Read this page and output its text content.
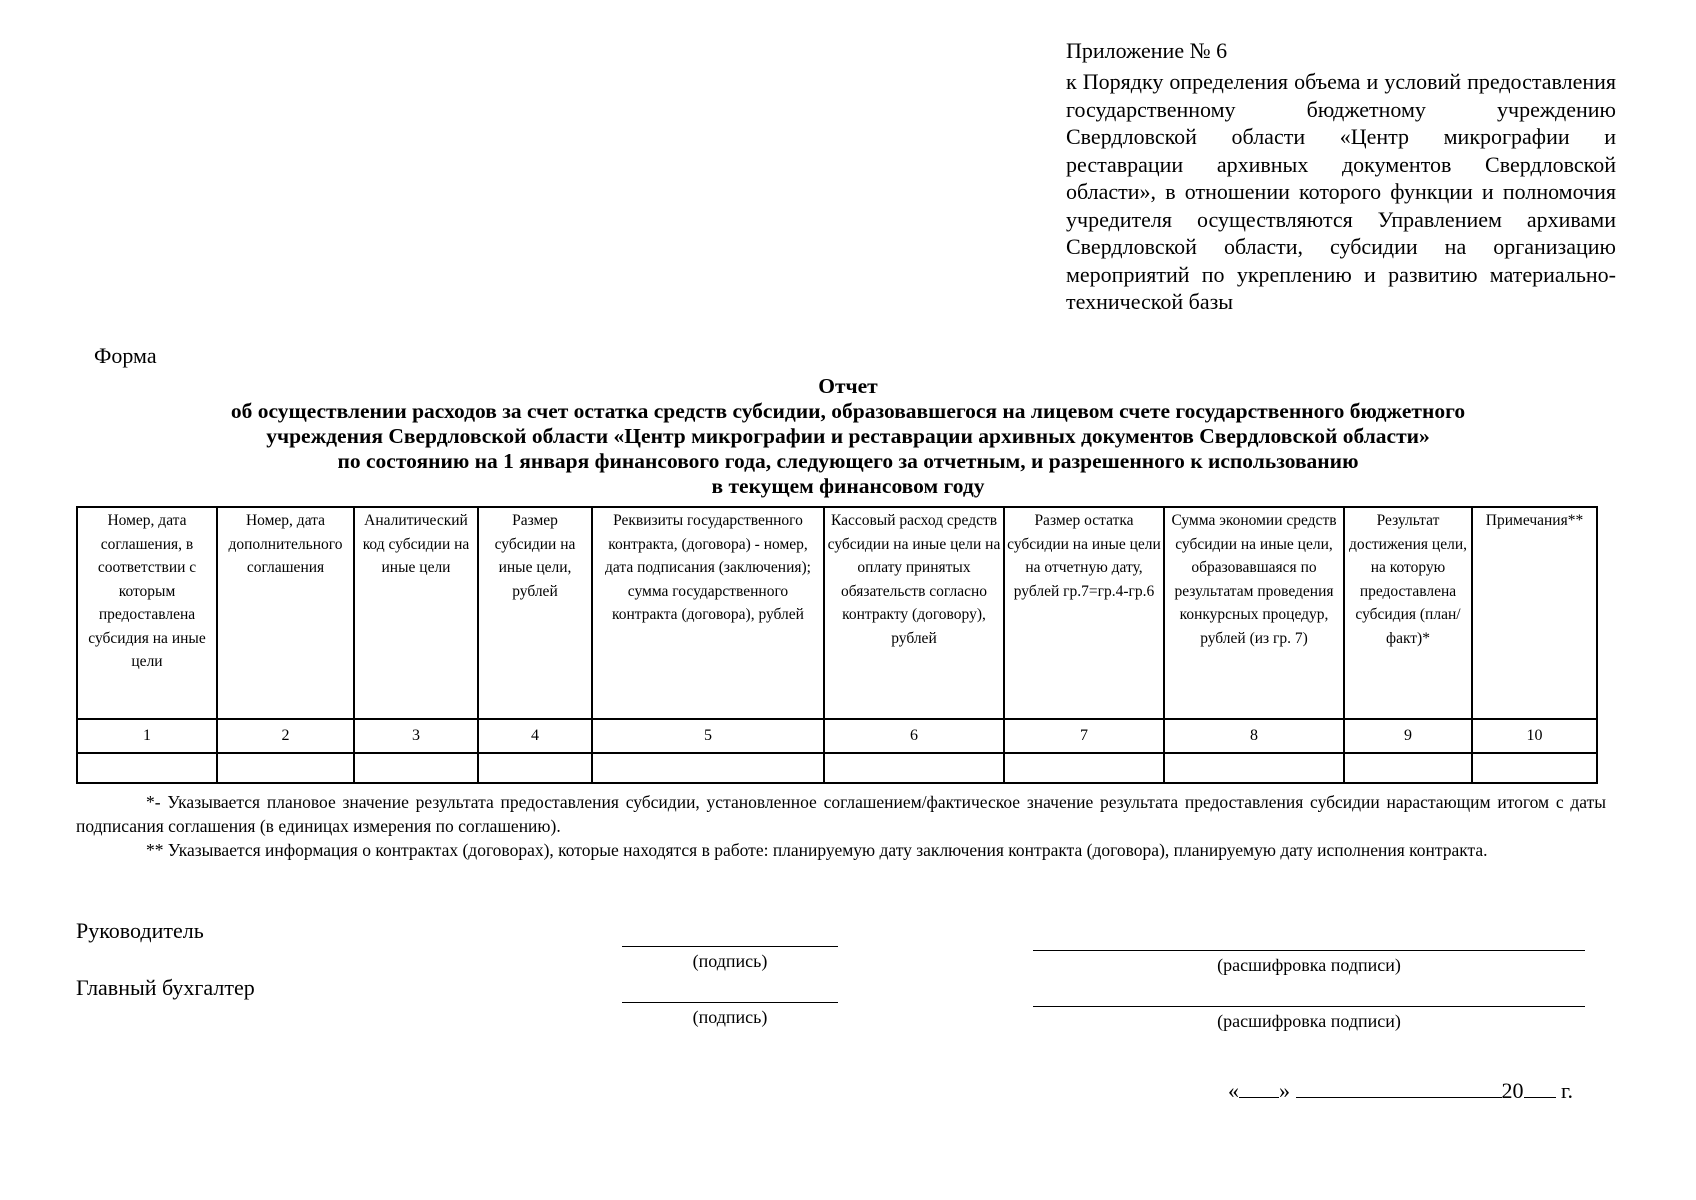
Приложение № 6
к Порядку определения объема и условий предоставления государственному бюджетному учреждению Свердловской области «Центр микрографии и реставрации архивных документов Свердловской области», в отношении которого функции и полномочия учредителя осуществляются Управлением архивами Свердловской области, субсидии на организацию мероприятий по укреплению и развитию материально-технической базы
Форма
Отчет
об осуществлении расходов за счет остатка средств субсидии, образовавшегося на лицевом счете государственного бюджетного
учреждения Свердловской области «Центр микрографии и реставрации архивных документов Свердловской области»
по состоянию на 1 января финансового года, следующего за отчетным, и разрешенного к использованию
в текущем финансовом году
Номер, дата соглашения, в соответствии с которым предоставлена субсидия на иные цели	Номер, дата дополнительного соглашения	Аналитический код субсидии на иные цели	Размер субсидии на иные цели, рублей	Реквизиты государственного контракта, (договора) - номер, дата подписания (заключения); сумма государственного контракта (договора), рублей	Кассовый расход средств субсидии на иные цели на оплату принятых обязательств согласно контракту (договору), рублей	Размер остатка субсидии на иные цели на отчетную дату, рублей гр.7=гр.4-гр.6	Сумма экономии средств субсидии на иные цели, образовавшаяся по результатам проведения конкурсных процедур, рублей (из гр. 7)	Результат достижения цели, на которую предоставлена субсидия (план/факт)*	Примечания**
1	2	3	4	5	6	7	8	9	10

*- Указывается плановое значение результата предоставления субсидии, установленное соглашением/фактическое значение результата предоставления субсидии нарастающим итогом с даты подписания соглашения (в единицах измерения по соглашению).

** Указывается информация о контрактах (договорах), которые находятся в работе: планируемую дату заключения контракта (договора), планируемую дату исполнения контракта.

Руководитель
(подпись)	(расшифровка подписи)
Главный бухгалтер
(подпись)	(расшифровка подписи)
« »	20 г.
